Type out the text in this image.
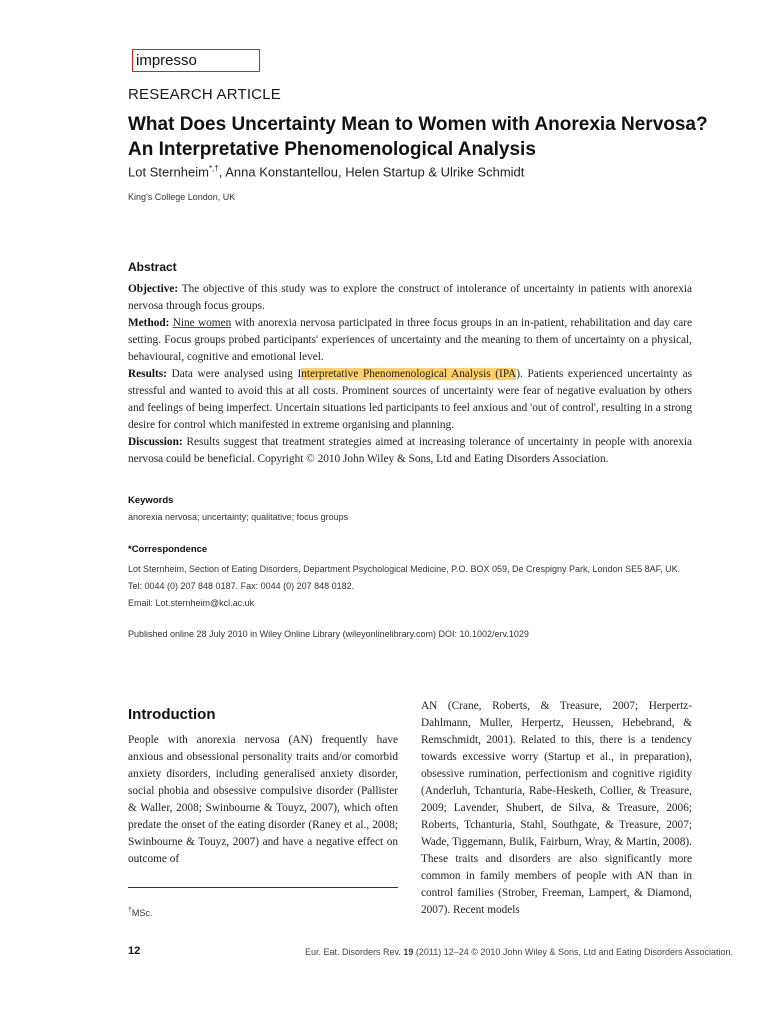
impresso
RESEARCH ARTICLE
What Does Uncertainty Mean to Women with Anorexia Nervosa? An Interpretative Phenomenological Analysis
Lot Sternheim*,†, Anna Konstantellou, Helen Startup & Ulrike Schmidt
King's College London, UK
Abstract

Objective: The objective of this study was to explore the construct of intolerance of uncertainty in patients with anorexia nervosa through focus groups.

Method: Nine women with anorexia nervosa participated in three focus groups in an in-patient, rehabilitation and day care setting. Focus groups probed participants' experiences of uncertainty and the meaning to them of uncertainty on a physical, behavioural, cognitive and emotional level.

Results: Data were analysed using Interpretative Phenomenological Analysis (IPA). Patients experienced uncertainty as stressful and wanted to avoid this at all costs. Prominent sources of uncertainty were fear of negative evaluation by others and feelings of being imperfect. Uncertain situations led participants to feel anxious and 'out of control', resulting in a strong desire for control which manifested in extreme organising and planning.

Discussion: Results suggest that treatment strategies aimed at increasing tolerance of uncertainty in people with anorexia nervosa could be beneficial. Copyright © 2010 John Wiley & Sons, Ltd and Eating Disorders Association.

Keywords
anorexia nervosa; uncertainty; qualitative; focus groups
*Correspondence
Lot Sternheim, Section of Eating Disorders, Department Psychological Medicine, P.O. BOX 059, De Crespigny Park, London SE5 8AF, UK.
Tel: 0044 (0) 207 848 0187. Fax: 0044 (0) 207 848 0182.
Email: Lot.sternheim@kcl.ac.uk
Published online 28 July 2010 in Wiley Online Library (wileyonlinelibrary.com) DOI: 10.1002/erv.1029
Introduction

People with anorexia nervosa (AN) frequently have anxious and obsessional personality traits and/or comorbid anxiety disorders, including generalised anxiety disorder, social phobia and obsessive compulsive disorder (Pallister & Waller, 2008; Swinbourne & Touyz, 2007), which often predate the onset of the eating disorder (Raney et al., 2008; Swinbourne & Touyz, 2007) and have a negative effect on outcome of

AN (Crane, Roberts, & Treasure, 2007; Herpertz-Dahlmann, Muller, Herpertz, Heussen, Hebebrand, & Remschmidt, 2001). Related to this, there is a tendency towards excessive worry (Startup et al., in preparation), obsessive rumination, perfectionism and cognitive rigidity (Anderluh, Tchanturia, Rabe-Hesketh, Collier, & Treasure, 2009; Lavender, Shubert, de Silva, & Treasure, 2006; Roberts, Tchanturia, Stahl, Southgate, & Treasure, 2007; Wade, Tiggemann, Bulik, Fairburn, Wray, & Martin, 2008). These traits and disorders are also significantly more common in family members of people with AN than in control families (Strober, Freeman, Lampert, & Diamond, 2007). Recent models

†MSc.
12	Eur. Eat. Disorders Rev. 19 (2011) 12–24 © 2010 John Wiley & Sons, Ltd and Eating Disorders Association.
